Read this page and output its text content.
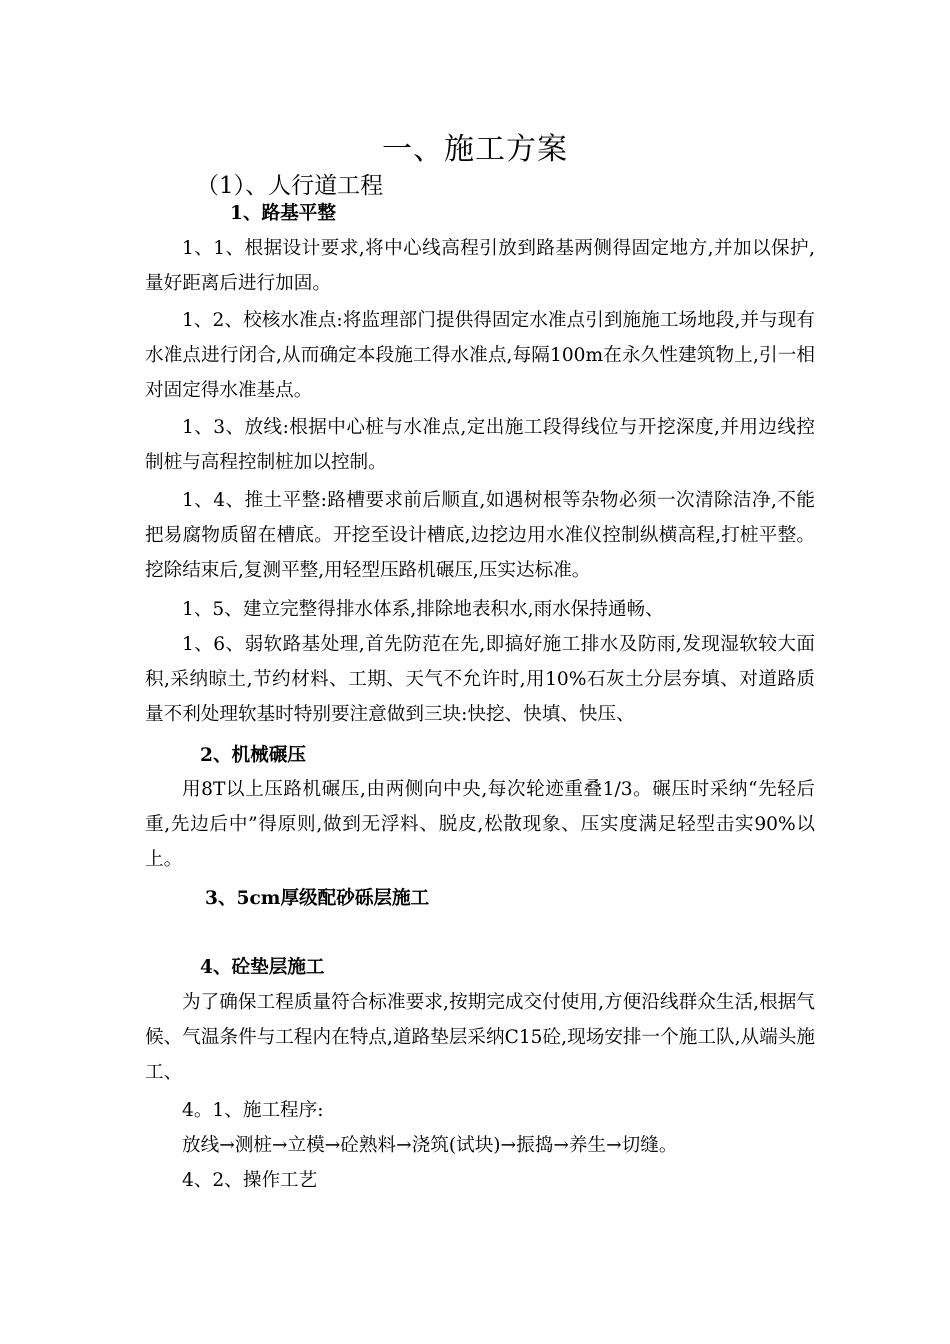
一、施工方案
（1）、人行道工程

1、路基平整

1、1、根据设计要求,将中心线高程引放到路基两侧得固定地方,并加以保护,量好距离后进行加固。

1、2、校核水准点:将监理部门提供得固定水准点引到施施工场地段,并与现有水准点进行闭合,从而确定本段施工得水准点,每隔100m在永久性建筑物上,引一相对固定得水准基点。

1、3、放线:根据中心桩与水准点,定出施工段得线位与开挖深度,并用边线控制桩与高程控制桩加以控制。

1、4、推土平整:路槽要求前后顺直,如遇树根等杂物必须一次清除洁净,不能把易腐物质留在槽底。开挖至设计槽底,边挖边用水准仪控制纵横高程,打桩平整。挖除结束后,复测平整,用轻型压路机碾压,压实达标准。

1、5、建立完整得排水体系,排除地表积水,雨水保持通畅、

1、6、弱软路基处理,首先防范在先,即搞好施工排水及防雨,发现湿软较大面积,采纳晾土,节约材料、工期、天气不允许时,用10%石灰土分层夯填、对道路质量不利处理软基时特别要注意做到三块:快挖、快填、快压、

2、机械碾压

用8T以上压路机碾压,由两侧向中央,每次轮迹重叠1/3。碾压时采纳“先轻后重,先边后中”得原则,做到无浮料、脱皮,松散现象、压实度满足轻型击实90%以上。

3、5cm厚级配砂砾层施工

4、砼垫层施工

为了确保工程质量符合标准要求,按期完成交付使用,方便沿线群众生活,根据气候、气温条件与工程内在特点,道路垫层采纳C15砼,现场安排一个施工队,从端头施工、

4。1、施工程序:

放线→测桩→立模→砼熟料→浇筑(试块)→振捣→养生→切缝。

4、2、操作工艺
